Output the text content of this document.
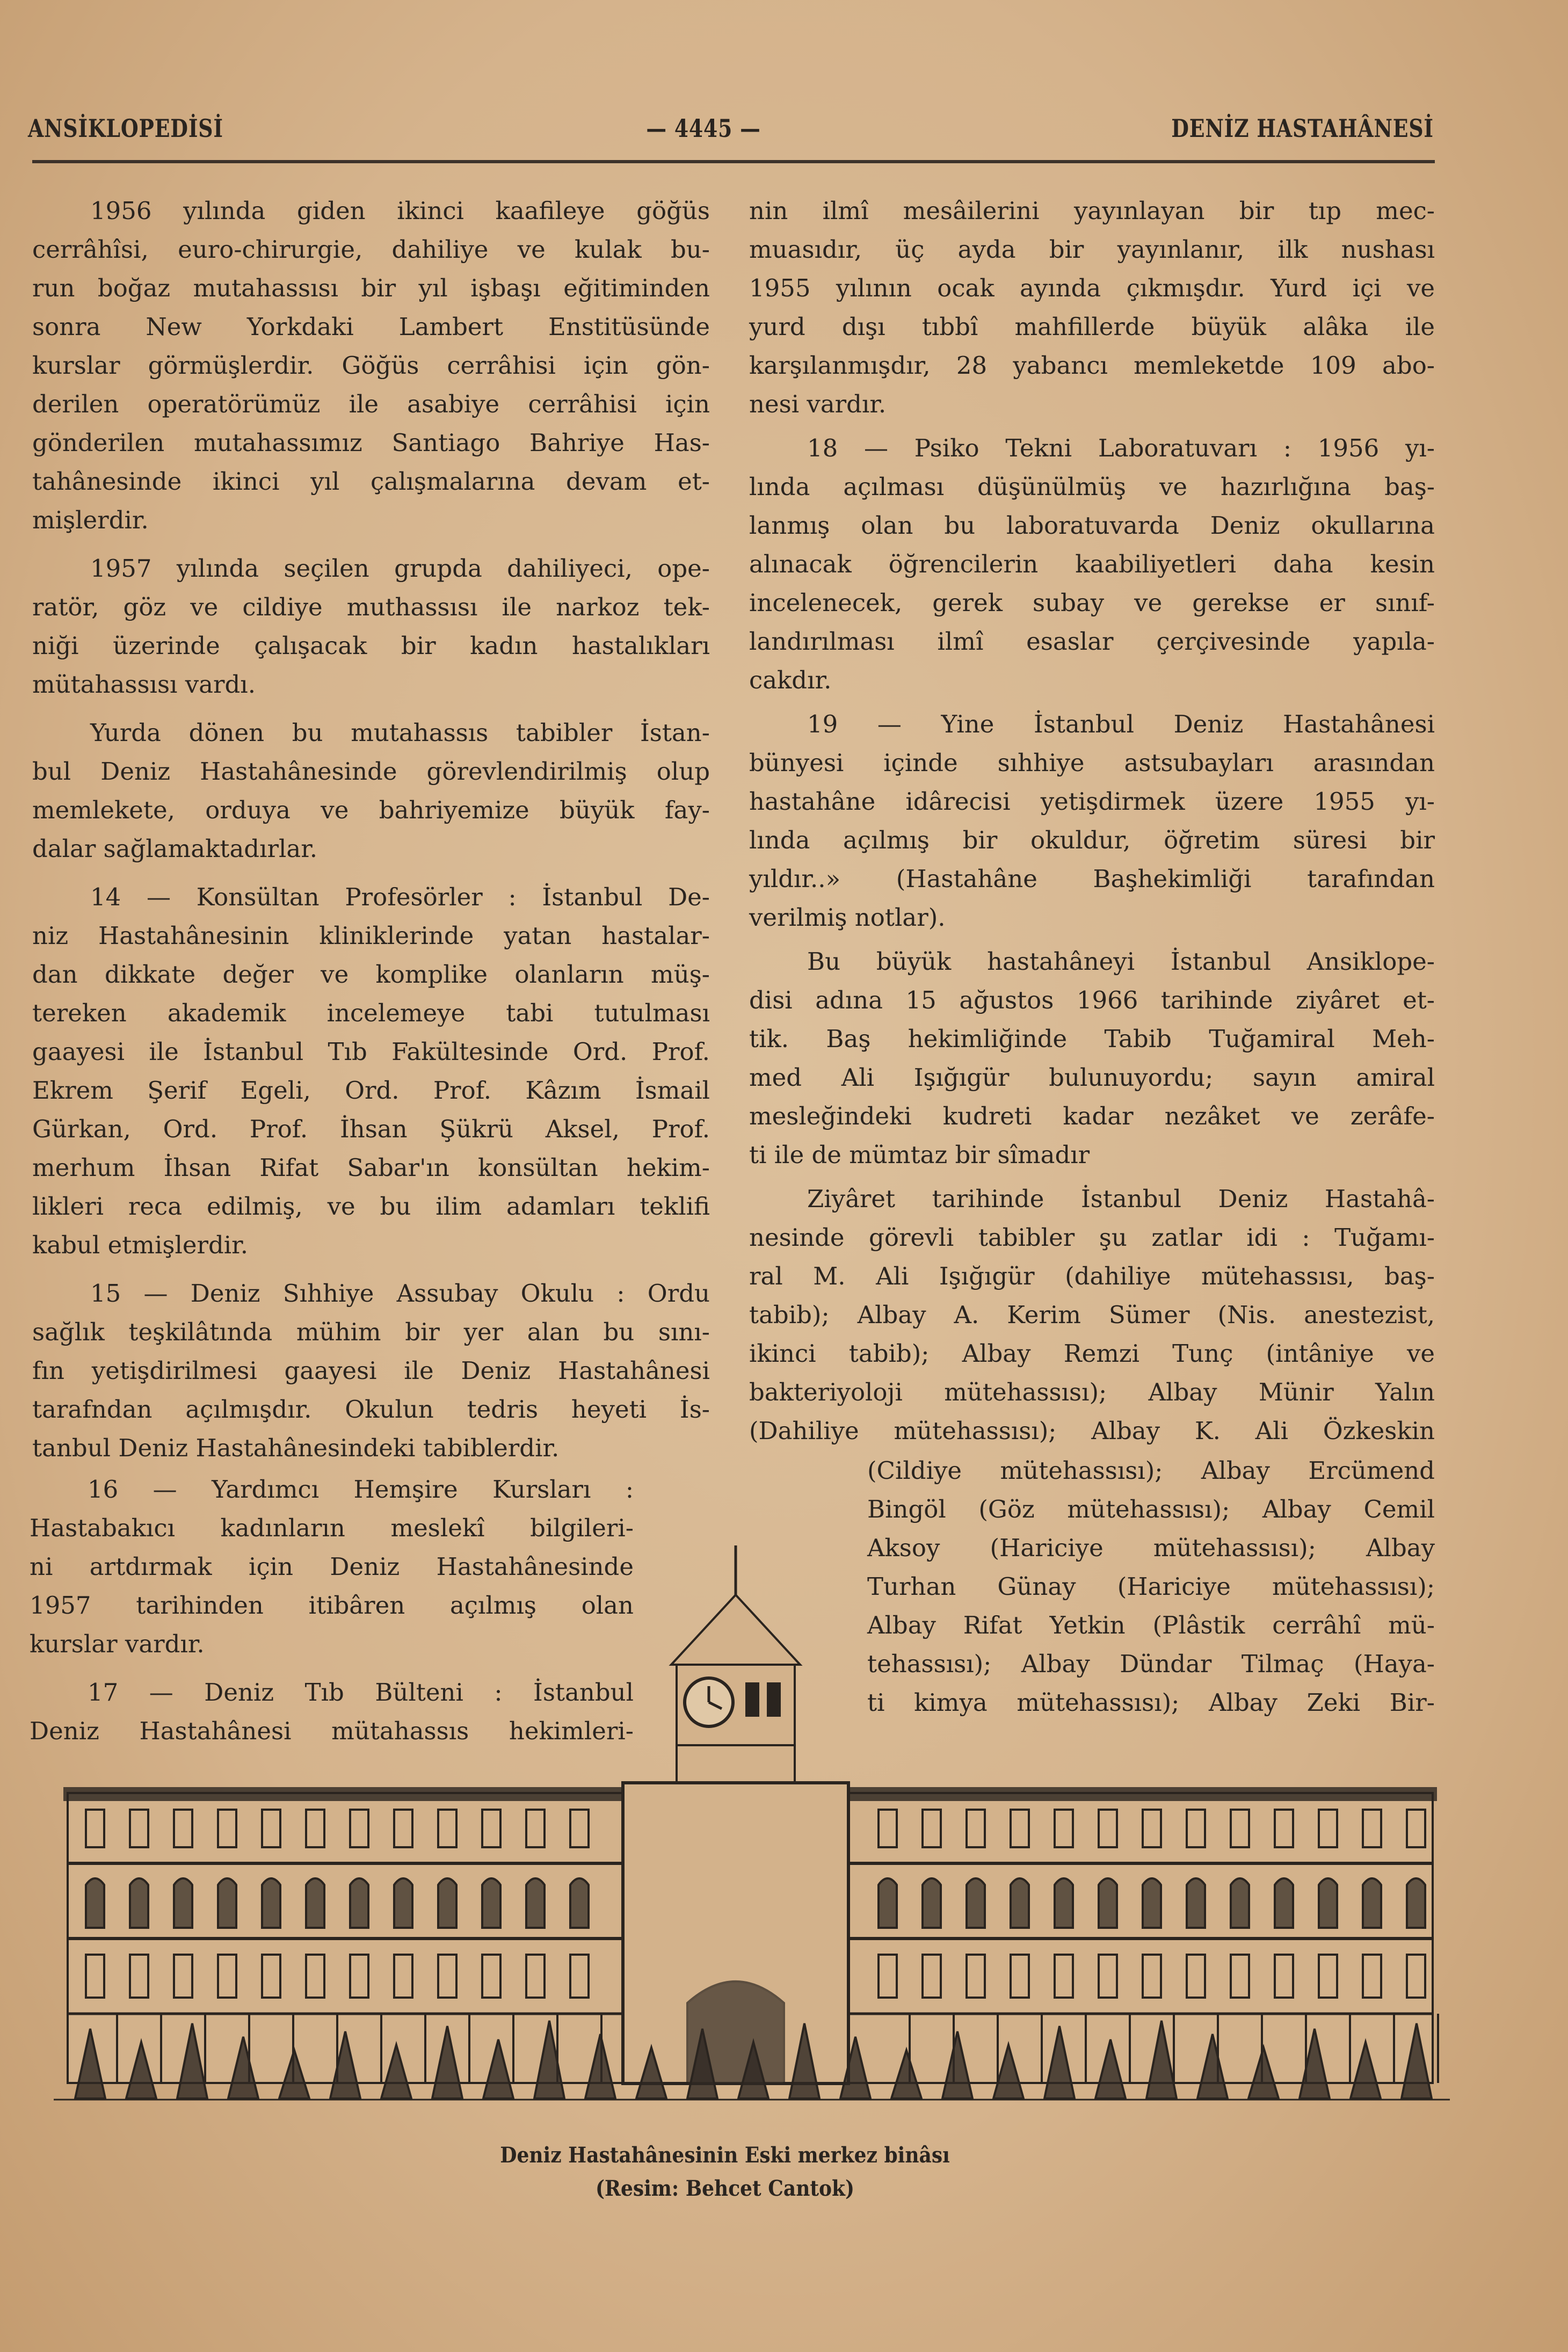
ANSİKLOPEDİSİ	— 4445 —	DENİZ HASTAHÂNESİ
1956 yılında giden ikinci kaafileye göğüs
cerrâhîsi, euro-chirurgie, dahiliye ve kulak bu-
run boğaz mutahassısı bir yıl işbaşı eğitiminden
sonra New Yorkdaki Lambert Enstitüsünde
kurslar görmüşlerdir. Göğüs cerrâhisi için gön-
derilen operatörümüz ile asabiye cerrâhisi için
gönderilen mutahassımız Santiago Bahriye Has-
tahânesinde ikinci yıl çalışmalarına devam et-
mişlerdir.
1957 yılında seçilen grupda dahiliyeci, ope-
ratör, göz ve cildiye muthassısı ile narkoz tek-
niği üzerinde çalışacak bir kadın hastalıkları
mütahassısı vardı.
Yurda dönen bu mutahassıs tabibler İstan-
bul Deniz Hastahânesinde görevlendirilmiş olup
memlekete, orduya ve bahriyemize büyük fay-
dalar sağlamaktadırlar.
14 — Konsültan Profesörler : İstanbul De-
niz Hastahânesinin kliniklerinde yatan hastalar-
dan dikkate değer ve komplike olanların müş-
tereken akademik incelemeye tabi tutulması
gaayesi ile İstanbul Tıb Fakültesinde Ord. Prof.
Ekrem Şerif Egeli, Ord. Prof. Kâzım İsmail
Gürkan, Ord. Prof. İhsan Şükrü Aksel, Prof.
merhum İhsan Rifat Sabar'ın konsültan hekim-
likleri reca edilmiş, ve bu ilim adamları teklifi
kabul etmişlerdir.
15 — Deniz Sıhhiye Assubay Okulu : Ordu
sağlık teşkilâtında mühim bir yer alan bu sını-
fın yetişdirilmesi gaayesi ile Deniz Hastahânesi
tarafndan açılmışdır. Okulun tedris heyeti İs-
tanbul Deniz Hastahânesindeki tabiblerdir.
16 — Yardımcı Hemşire Kursları :
Hastabakıcı kadınların meslekî bilgileri-
ni artdırmak için Deniz Hastahânesinde
1957 tarihinden itibâren açılmış olan
kurslar vardır.
17 — Deniz Tıb Bülteni : İstanbul
Deniz Hastahânesi mütahassıs hekimleri-
nin ilmî mesâilerini yayınlayan bir tıp mec-
muasıdır, üç ayda bir yayınlanır, ilk nushası
1955 yılının ocak ayında çıkmışdır. Yurd içi ve
yurd dışı tıbbî mahfillerde büyük alâka ile
karşılanmışdır, 28 yabancı memleketde 109 abo-
nesi vardır.
18 — Psiko Tekni Laboratuvarı : 1956 yı-
lında açılması düşünülmüş ve hazırlığına baş-
lanmış olan bu laboratuvarda Deniz okullarına
alınacak öğrencilerin kaabiliyetleri daha kesin
incelenecek, gerek subay ve gerekse er sınıf-
landırılması ilmî esaslar çerçivesinde yapıla-
cakdır.
19 — Yine İstanbul Deniz Hastahânesi
bünyesi içinde sıhhiye astsubayları arasından
hastahâne idârecisi yetişdirmek üzere 1955 yı-
lında açılmış bir okuldur, öğretim süresi bir
yıldır..» (Hastahâne Başhekimliği tarafından
verilmiş notlar).
Bu büyük hastahâneyi İstanbul Ansiklope-
disi adına 15 ağustos 1966 tarihinde ziyâret et-
tik. Baş hekimliğinde Tabib Tuğamiral Meh-
med Ali Işığıgür bulunuyordu; sayın amiral
mesleğindeki kudreti kadar nezâket ve zerâfe-
ti ile de mümtaz bir sîmadır
Ziyâret tarihinde İstanbul Deniz Hastahâ-
nesinde görevli tabibler şu zatlar idi : Tuğamı-
ral M. Ali Işığıgür (dahiliye mütehassısı, baş-
tabib); Albay A. Kerim Sümer (Nis. anestezist,
ikinci tabib); Albay Remzi Tunç (intâniye ve
bakteriyoloji mütehassısı); Albay Münir Yalın
(Dahiliye mütehassısı); Albay K. Ali Özkeskin
(Cildiye mütehassısı); Albay Ercümend
Bingöl (Göz mütehassısı); Albay Cemil
Aksoy (Hariciye mütehassısı); Albay
Turhan Günay (Hariciye mütehassısı);
Albay Rifat Yetkin (Plâstik cerrâhî mü-
tehassısı); Albay Dündar Tilmaç (Haya-
ti kimya mütehassısı); Albay Zeki Bir-
Deniz Hastahânesinin Eski merkez binâsı
(Resim: Behcet Cantok)
